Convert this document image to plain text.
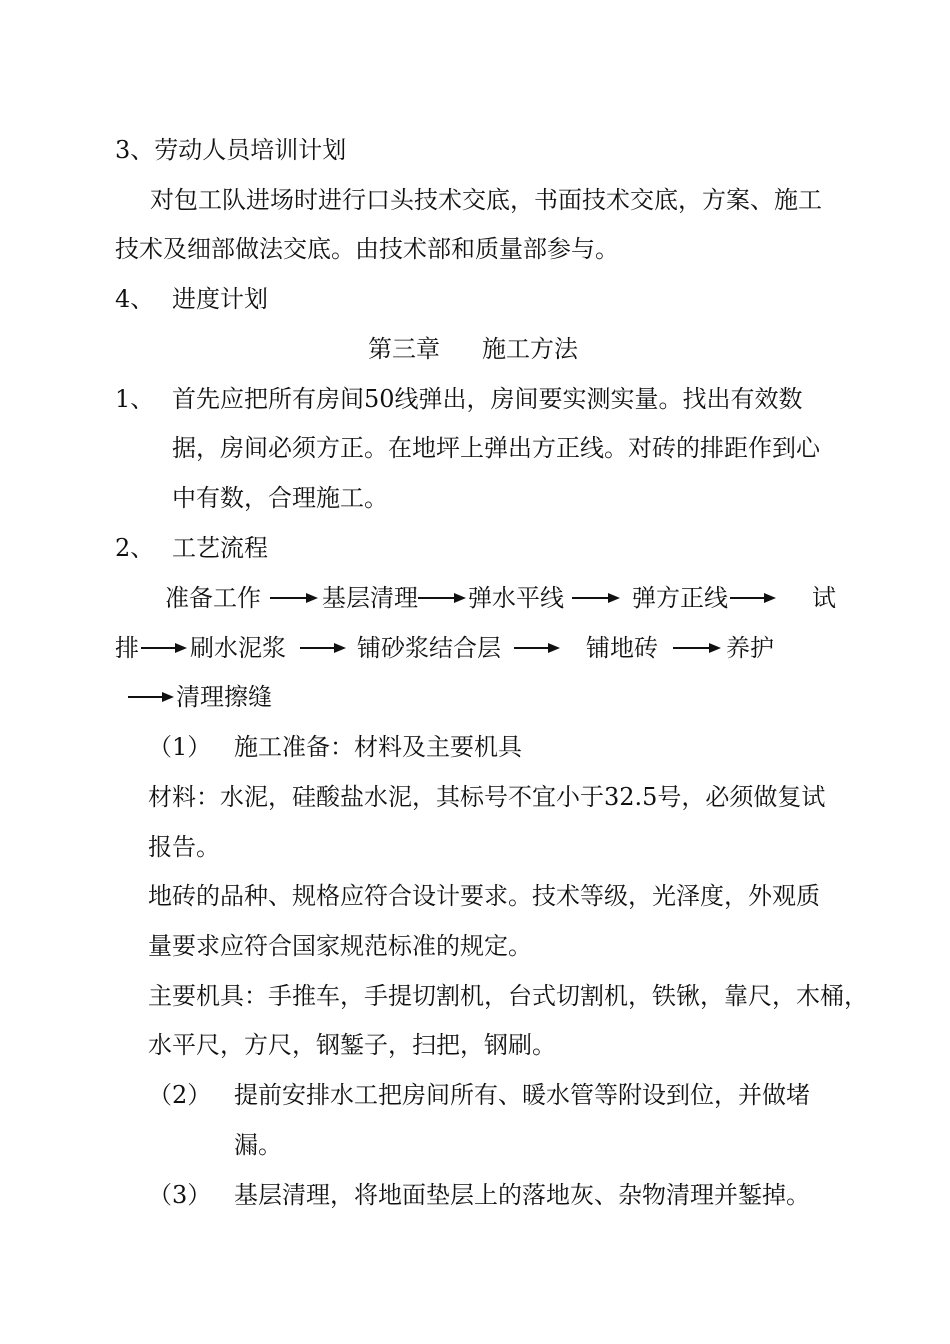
3、劳动人员培训计划
对包工队进场时进行口头技术交底，书面技术交底，方案、施工
技术及细部做法交底。由技术部和质量部参与。
4、 进度计划
第三章 施工方法
1、 首先应把所有房间50线弹出，房间要实测实量。找出有效数
据，房间必须方正。在地坪上弹出方正线。对砖的排距作到心
中有数，合理施工。
2、 工艺流程
准备工作	基层清理 弹水平线	弹方正线	试
排 刷水泥浆	铺砂浆结合层	铺地砖	养护
清理擦缝
（1） 施工准备：材料及主要机具
材料：水泥，硅酸盐水泥，其标号不宜小于32.5号，必须做复试
报告。
地砖的品种、规格应符合设计要求。技术等级，光泽度，外观质
量要求应符合国家规范标准的规定。
主要机具：手推车，手提切割机，台式切割机，铁锹，靠尺，木桶，
水平尺，方尺，钢錾子，扫把，钢刷。
（2） 提前安排水工把房间所有、暖水管等附设到位，并做堵
漏。
（3） 基层清理，将地面垫层上的落地灰、杂物清理并錾掉。
